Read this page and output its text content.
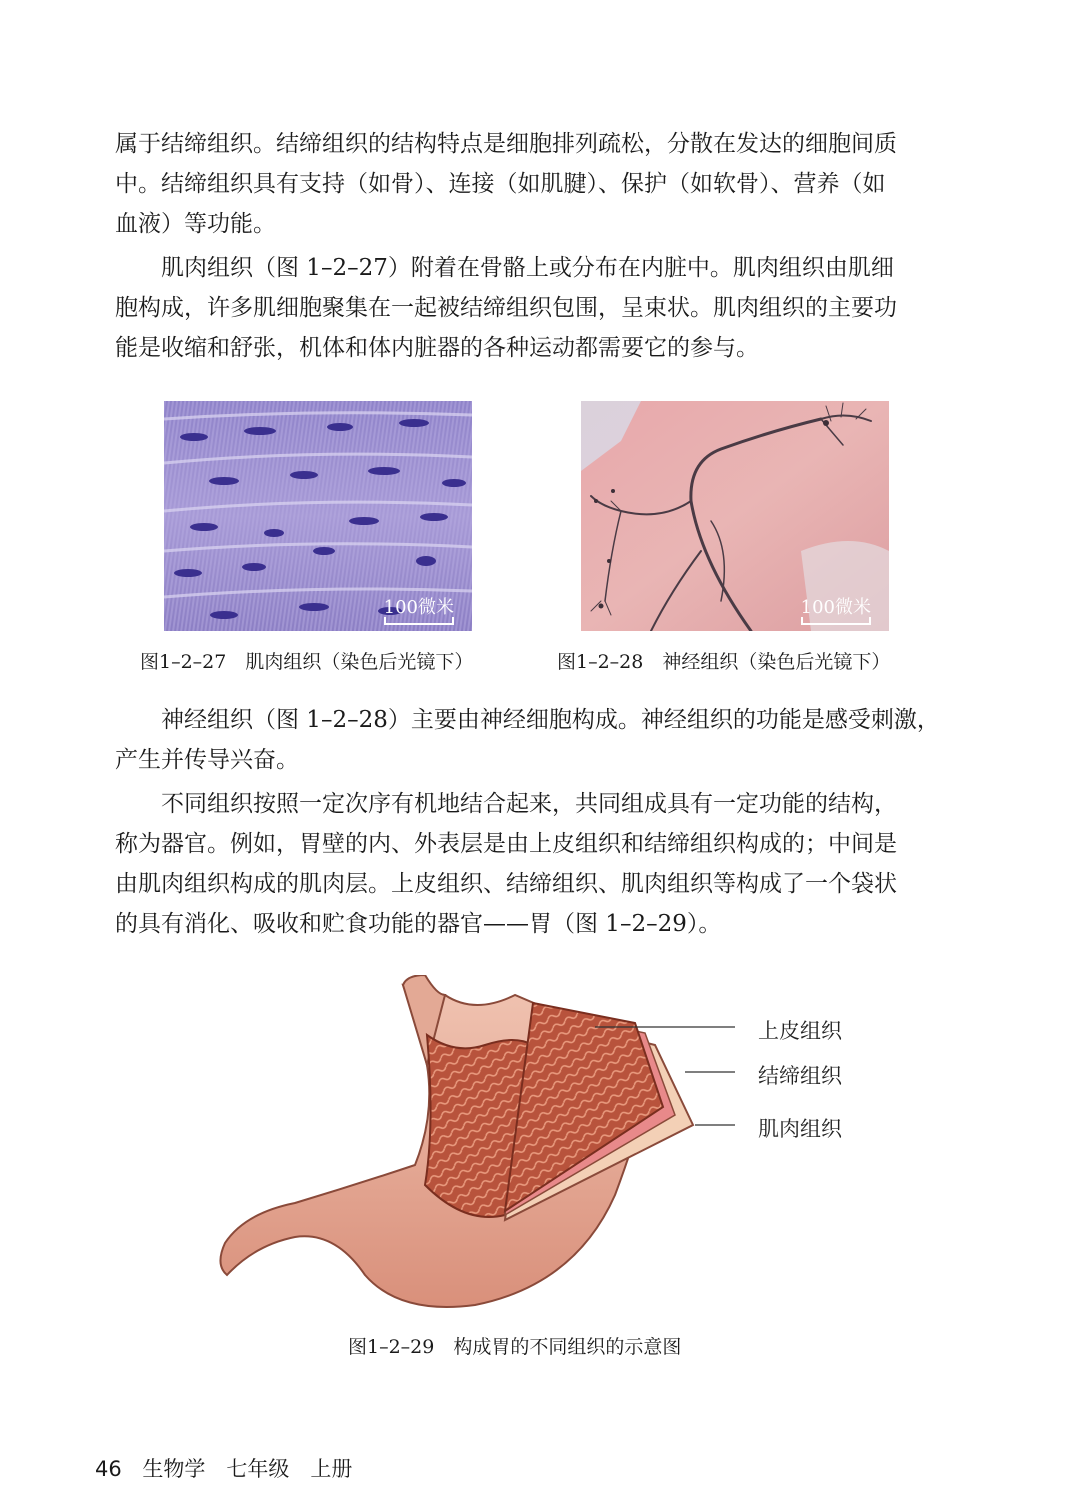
属于结缔组织。结缔组织的结构特点是细胞排列疏松，分散在发达的细胞间质
中。结缔组织具有支持（如骨）、连接（如肌腱）、保护（如软骨）、营养（如
血液）等功能。
　　肌肉组织（图 1–2–27）附着在骨骼上或分布在内脏中。肌肉组织由肌细
胞构成，许多肌细胞聚集在一起被结缔组织包围，呈束状。肌肉组织的主要功
能是收缩和舒张，机体和体内脏器的各种运动都需要它的参与。
100微米	100微米
图1–2–27　肌肉组织（染色后光镜下）	图1–2–28　神经组织（染色后光镜下）
　　神经组织（图 1–2–28）主要由神经细胞构成。神经组织的功能是感受刺激，
产生并传导兴奋。
　　不同组织按照一定次序有机地结合起来，共同组成具有一定功能的结构，
称为器官。例如，胃壁的内、外表层是由上皮组织和结缔组织构成的；中间是
由肌肉组织构成的肌肉层。上皮组织、结缔组织、肌肉组织等构成了一个袋状
的具有消化、吸收和贮食功能的器官——胃（图 1–2–29）。
上皮组织
结缔组织
肌肉组织
图1–2–29　构成胃的不同组织的示意图
46 生物学　七年级　上册
